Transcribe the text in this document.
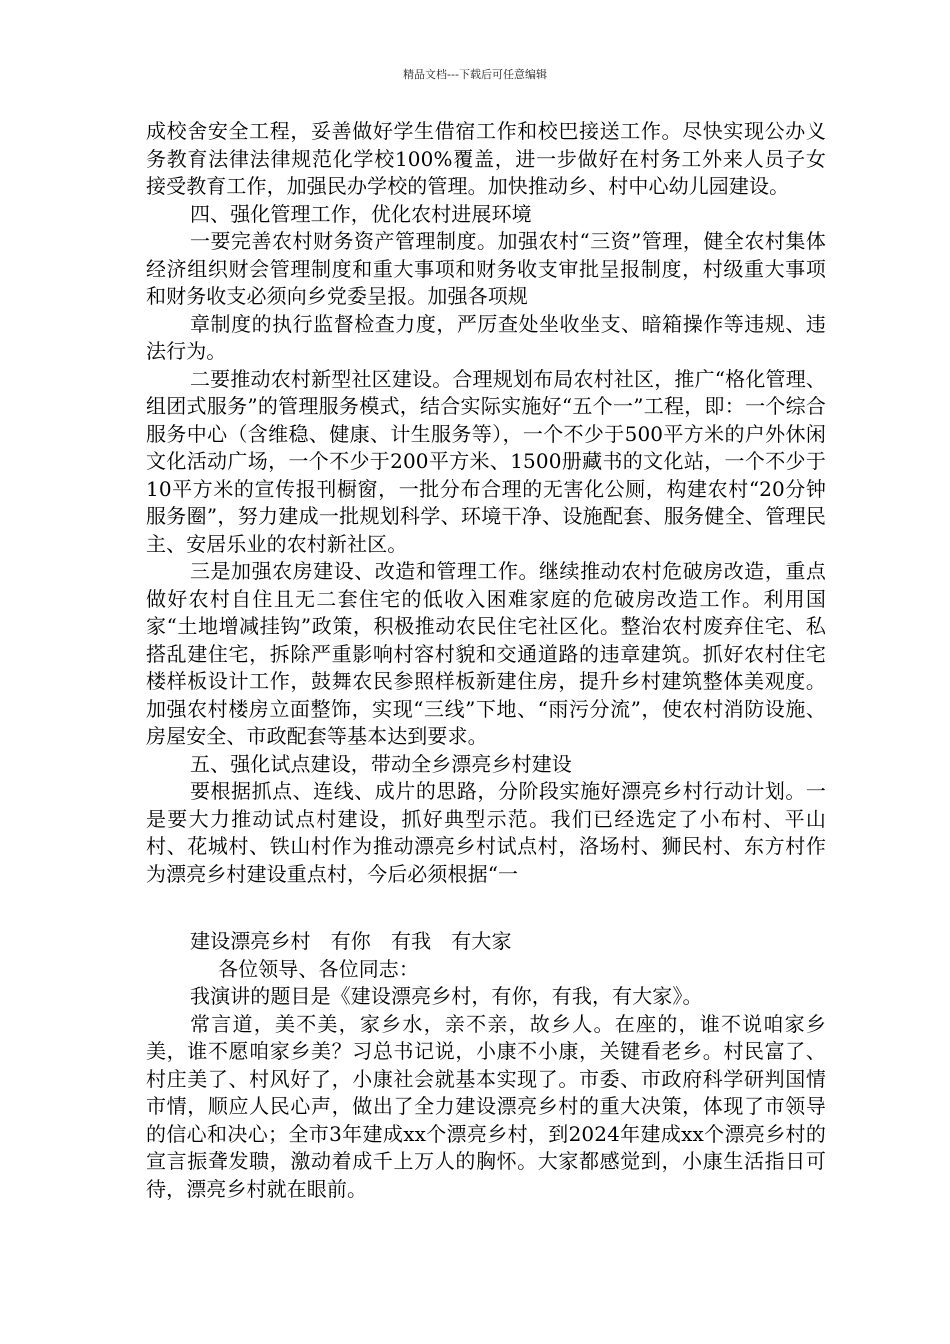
精品文档---下载后可任意编辑

成校舍安全工程，妥善做好学生借宿工作和校巴接送工作。尽快实现公办义务教育法律法律规范化学校100%覆盖，进一步做好在村务工外来人员子女接受教育工作，加强民办学校的管理。加快推动乡、村中心幼儿园建设。

四、强化管理工作，优化农村进展环境

一要完善农村财务资产管理制度。加强农村“三资”管理，健全农村集体经济组织财会管理制度和重大事项和财务收支审批呈报制度，村级重大事项和财务收支必须向乡党委呈报。加强各项规

章制度的执行监督检查力度，严厉查处坐收坐支、暗箱操作等违规、违法行为。

二要推动农村新型社区建设。合理规划布局农村社区，推广“格化管理、组团式服务”的管理服务模式，结合实际实施好“五个一”工程，即：一个综合服务中心（含维稳、健康、计生服务等），一个不少于500平方米的户外休闲文化活动广场，一个不少于200平方米、1500册藏书的文化站，一个不少于10平方米的宣传报刊橱窗，一批分布合理的无害化公厕，构建农村“20分钟服务圈”，努力建成一批规划科学、环境干净、设施配套、服务健全、管理民主、安居乐业的农村新社区。

三是加强农房建设、改造和管理工作。继续推动农村危破房改造，重点做好农村自住且无二套住宅的低收入困难家庭的危破房改造工作。利用国家“土地增减挂钩”政策，积极推动农民住宅社区化。整治农村废弃住宅、私搭乱建住宅，拆除严重影响村容村貌和交通道路的违章建筑。抓好农村住宅楼样板设计工作，鼓舞农民参照样板新建住房，提升乡村建筑整体美观度。加强农村楼房立面整饰，实现“三线”下地、“雨污分流”，使农村消防设施、房屋安全、市政配套等基本达到要求。

五、强化试点建设，带动全乡漂亮乡村建设

要根据抓点、连线、成片的思路，分阶段实施好漂亮乡村行动计划。一是要大力推动试点村建设，抓好典型示范。我们已经选定了小布村、平山村、花城村、铁山村作为推动漂亮乡村试点村，洛场村、狮民村、东方村作为漂亮乡村建设重点村，今后必须根据“一

建设漂亮乡村　有你　有我　有大家

各位领导、各位同志：

我演讲的题目是《建设漂亮乡村，有你，有我，有大家》。

常言道，美不美，家乡水，亲不亲，故乡人。在座的，谁不说咱家乡美，谁不愿咱家乡美？习总书记说，小康不小康，关键看老乡。村民富了、村庄美了、村风好了，小康社会就基本实现了。市委、市政府科学研判国情市情，顺应人民心声，做出了全力建设漂亮乡村的重大决策，体现了市领导的信心和决心；全市3年建成xx个漂亮乡村，到2024年建成xx个漂亮乡村的宣言振聋发聩，激动着成千上万人的胸怀。大家都感觉到，小康生活指日可待，漂亮乡村就在眼前。
